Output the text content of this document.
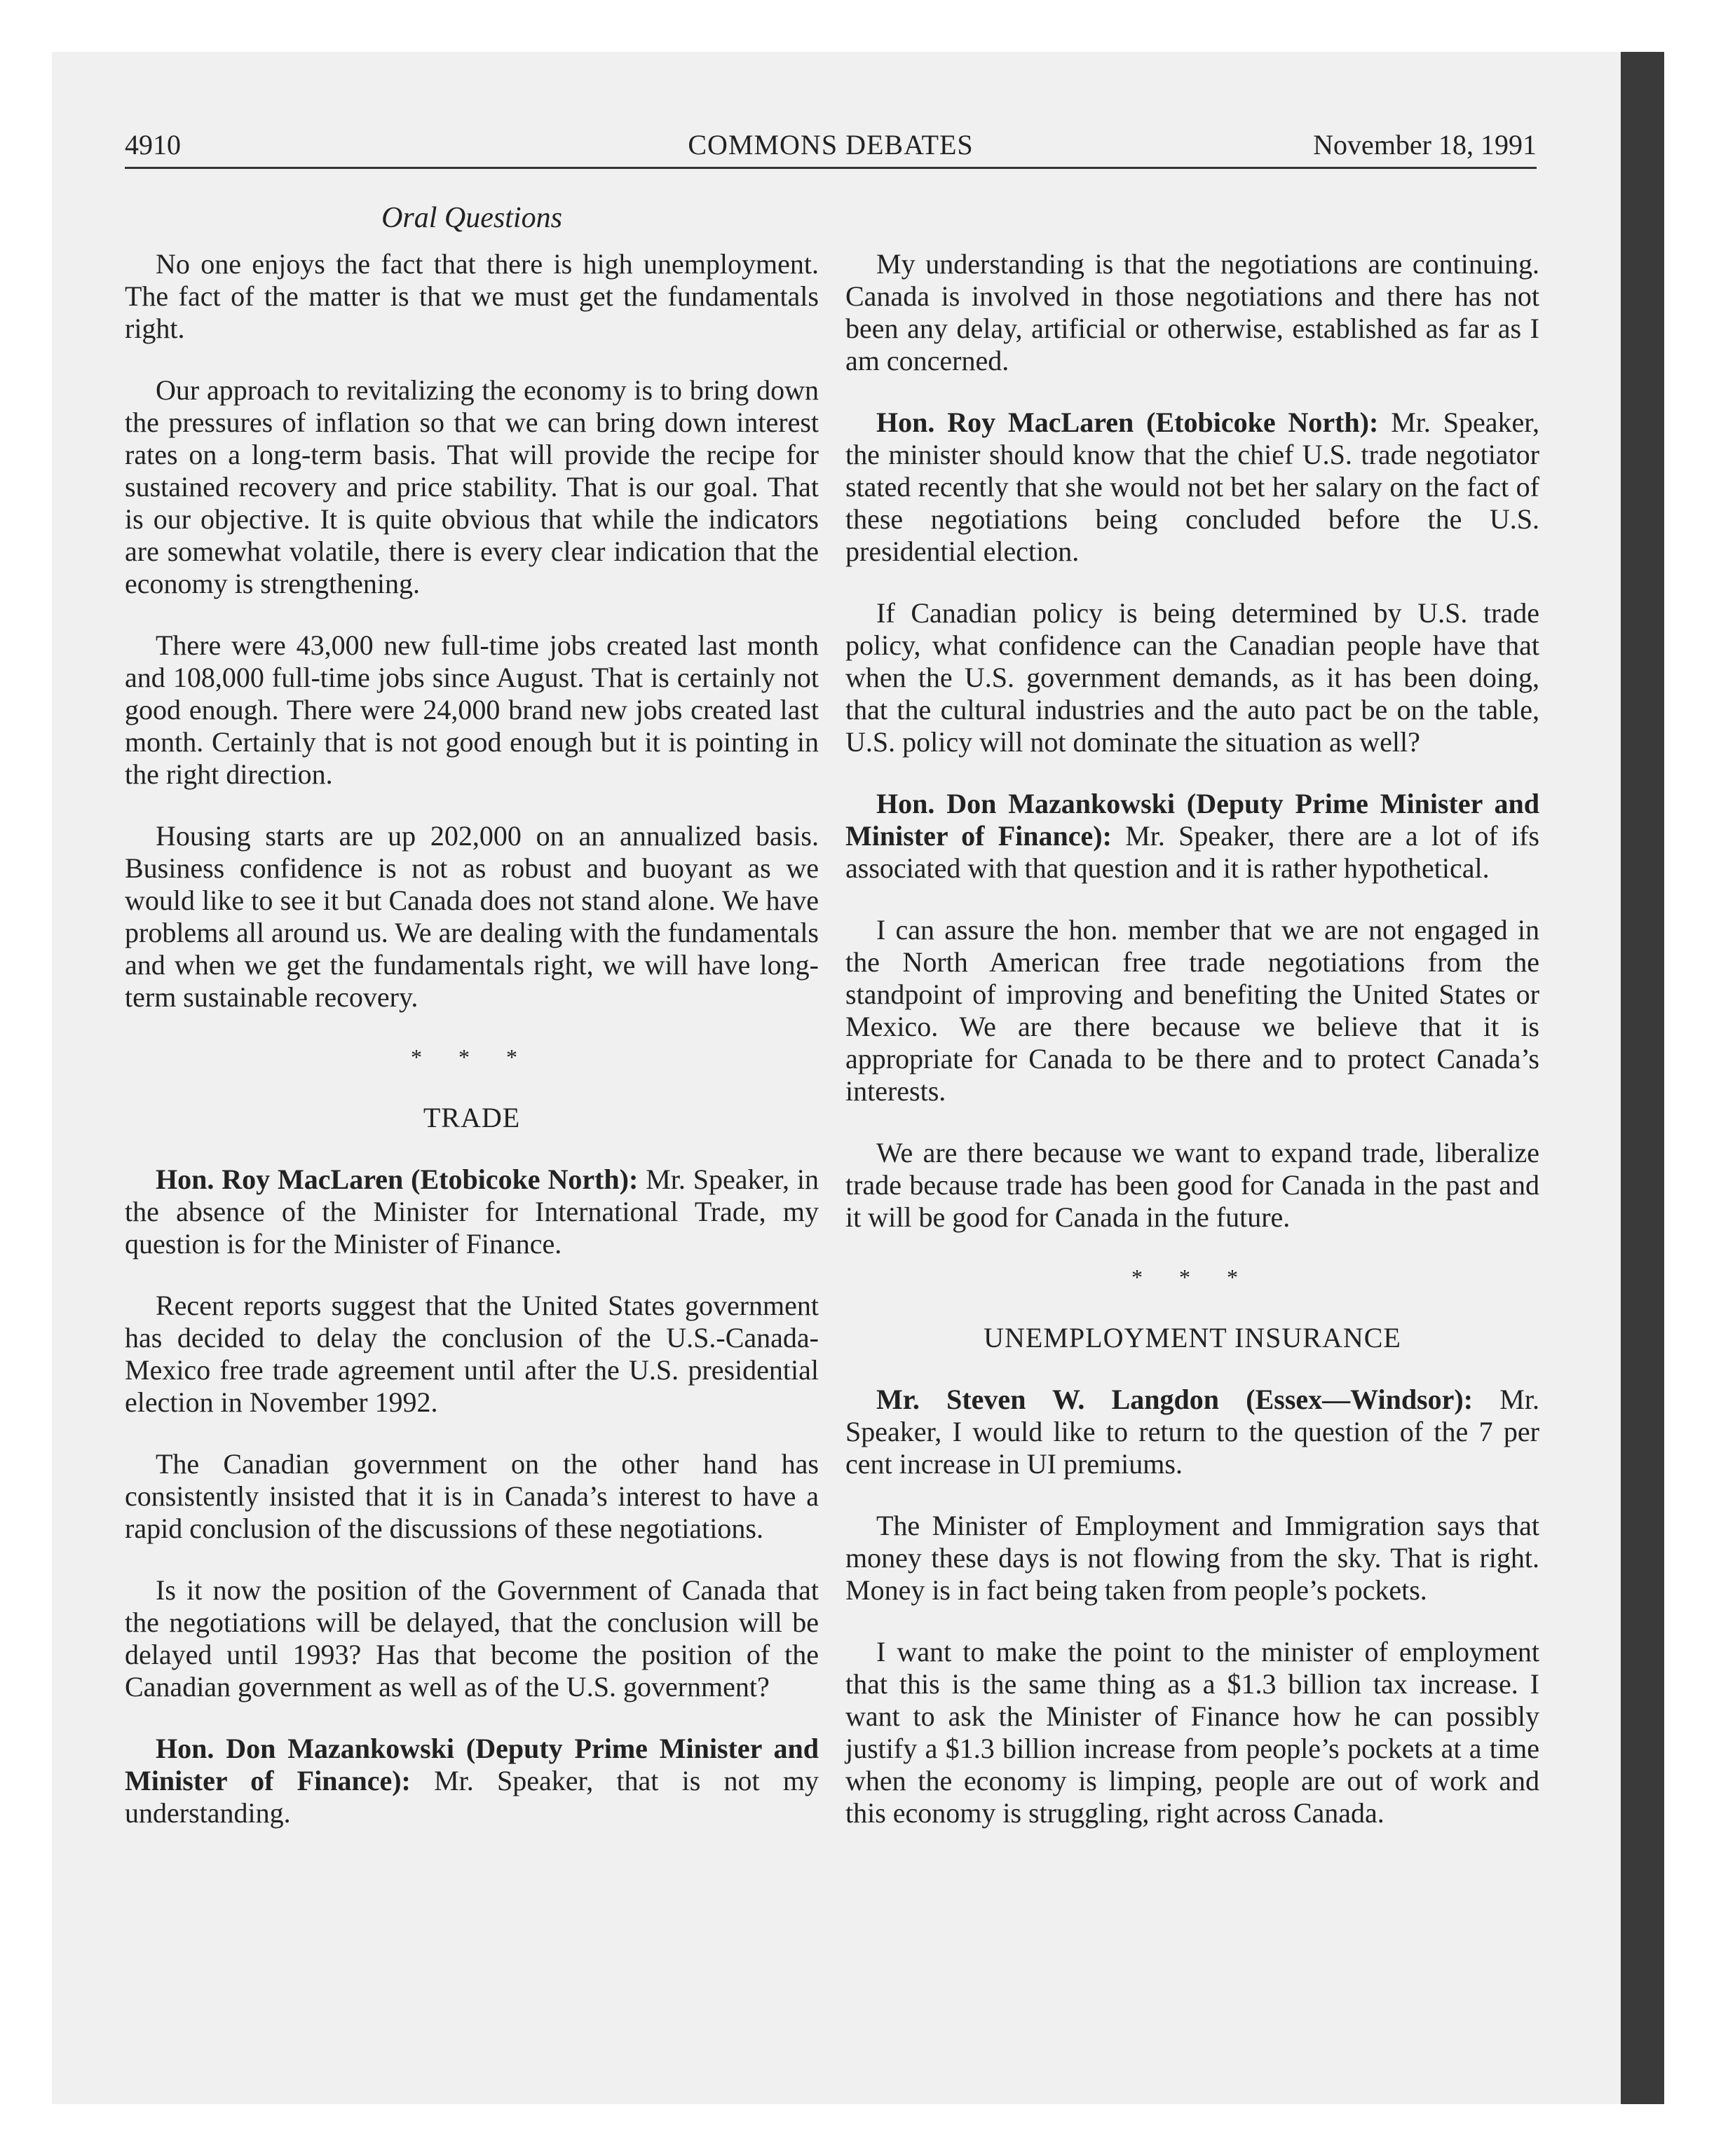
4910	COMMONS DEBATES	November 18, 1991
Oral Questions

No one enjoys the fact that there is high unemployment. The fact of the matter is that we must get the fundamentals right.

Our approach to revitalizing the economy is to bring down the pressures of inflation so that we can bring down interest rates on a long-term basis. That will provide the recipe for sustained recovery and price stability. That is our goal. That is our objective. It is quite obvious that while the indicators are somewhat volatile, there is every clear indication that the economy is strengthening.

There were 43,000 new full-time jobs created last month and 108,000 full-time jobs since August. That is certainly not good enough. There were 24,000 brand new jobs created last month. Certainly that is not good enough but it is pointing in the right direction.

Housing starts are up 202,000 on an annualized basis. Business confidence is not as robust and buoyant as we would like to see it but Canada does not stand alone. We have problems all around us. We are dealing with the fundamentals and when we get the fundamentals right, we will have long-term sustainable recovery.

* * *
TRADE

Hon. Roy MacLaren (Etobicoke North): Mr. Speaker, in the absence of the Minister for International Trade, my question is for the Minister of Finance.

Recent reports suggest that the United States government has decided to delay the conclusion of the U.S.-Canada-Mexico free trade agreement until after the U.S. presidential election in November 1992.

The Canadian government on the other hand has consistently insisted that it is in Canada’s interest to have a rapid conclusion of the discussions of these negotiations.

Is it now the position of the Government of Canada that the negotiations will be delayed, that the conclusion will be delayed until 1993? Has that become the position of the Canadian government as well as of the U.S. government?

Hon. Don Mazankowski (Deputy Prime Minister and Minister of Finance): Mr. Speaker, that is not my understanding.

My understanding is that the negotiations are continuing. Canada is involved in those negotiations and there has not been any delay, artificial or otherwise, established as far as I am concerned.

Hon. Roy MacLaren (Etobicoke North): Mr. Speaker, the minister should know that the chief U.S. trade negotiator stated recently that she would not bet her salary on the fact of these negotiations being concluded before the U.S. presidential election.

If Canadian policy is being determined by U.S. trade policy, what confidence can the Canadian people have that when the U.S. government demands, as it has been doing, that the cultural industries and the auto pact be on the table, U.S. policy will not dominate the situation as well?

Hon. Don Mazankowski (Deputy Prime Minister and Minister of Finance): Mr. Speaker, there are a lot of ifs associated with that question and it is rather hypothetical.

I can assure the hon. member that we are not engaged in the North American free trade negotiations from the standpoint of improving and benefiting the United States or Mexico. We are there because we believe that it is appropriate for Canada to be there and to protect Canada’s interests.

We are there because we want to expand trade, liberalize trade because trade has been good for Canada in the past and it will be good for Canada in the future.

* * *
UNEMPLOYMENT INSURANCE

Mr. Steven W. Langdon (Essex—Windsor): Mr. Speaker, I would like to return to the question of the 7 per cent increase in UI premiums.

The Minister of Employment and Immigration says that money these days is not flowing from the sky. That is right. Money is in fact being taken from people’s pockets.

I want to make the point to the minister of employment that this is the same thing as a $1.3 billion tax increase. I want to ask the Minister of Finance how he can possibly justify a $1.3 billion increase from people’s pockets at a time when the economy is limping, people are out of work and this economy is struggling, right across Canada.
